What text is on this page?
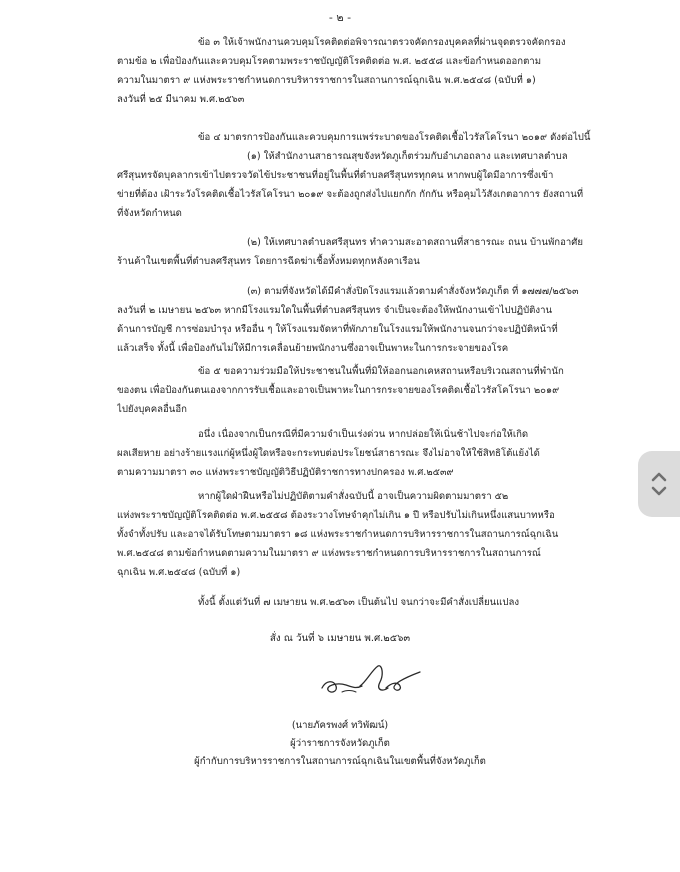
- ๒ -
ข้อ ๓ ให้เจ้าพนักงานควบคุมโรคติดต่อพิจารณาตรวจคัดกรองบุคคลที่ผ่านจุดตรวจคัดกรอง
ตามข้อ ๒ เพื่อป้องกันและควบคุมโรคตามพระราชบัญญัติโรคติดต่อ พ.ศ. ๒๕๕๘ และข้อกำหนดออกตาม
ความในมาตรา ๙ แห่งพระราชกำหนดการบริหารราชการในสถานการณ์ฉุกเฉิน พ.ศ.๒๕๔๘ (ฉบับที่ ๑)
ลงวันที่ ๒๕ มีนาคม พ.ศ.๒๕๖๓
ข้อ ๔ มาตรการป้องกันและควบคุมการแพร่ระบาดของโรคติดเชื้อไวรัสโคโรนา ๒๐๑๙ ดังต่อไปนี้
(๑) ให้สำนักงานสาธารณสุขจังหวัดภูเก็ตร่วมกับอำเภอถลาง และเทศบาลตำบล
ศรีสุนทรจัดบุคลากรเข้าไปตรวจวัดไข้ประชาชนที่อยู่ในพื้นที่ตำบลศรีสุนทรทุกคน หากพบผู้ใดมีอาการซึ่งเข้า
ข่ายที่ต้อง เฝ้าระวังโรคติดเชื้อไวรัสโคโรนา ๒๐๑๙ จะต้องถูกส่งไปแยกกัก กักกัน หรือคุมไว้สังเกตอาการ ยังสถานที่
ที่จังหวัดกำหนด
(๒) ให้เทศบาลตำบลศรีสุนทร ทำความสะอาดสถานที่สาธารณะ ถนน บ้านพักอาศัย
ร้านค้าในเขตพื้นที่ตำบลศรีสุนทร โดยการฉีดฆ่าเชื้อทั้งหมดทุกหลังคาเรือน
(๓) ตามที่จังหวัดได้มีคำสั่งปิดโรงแรมแล้วตามคำสั่งจังหวัดภูเก็ต ที่ ๑๗๗๗/๒๕๖๓
ลงวันที่ ๒ เมษายน ๒๕๖๓ หากมีโรงแรมใดในพื้นที่ตำบลศรีสุนทร จำเป็นจะต้องให้พนักงานเข้าไปปฏิบัติงาน
ด้านการบัญชี การซ่อมบำรุง หรืออื่น ๆ ให้โรงแรมจัดหาที่พักภายในโรงแรมให้พนักงานจนกว่าจะปฏิบัติหน้าที่
แล้วเสร็จ ทั้งนี้ เพื่อป้องกันไม่ให้มีการเคลื่อนย้ายพนักงานซึ่งอาจเป็นพาหะในการกระจายของโรค
ข้อ ๕ ขอความร่วมมือให้ประชาชนในพื้นที่มิให้ออกนอกเคหสถานหรือบริเวณสถานที่พำนัก
ของตน เพื่อป้องกันตนเองจากการรับเชื้อและอาจเป็นพาหะในการกระจายของโรคติดเชื้อไวรัสโคโรนา ๒๐๑๙
ไปยังบุคคลอื่นอีก
อนึ่ง เนื่องจากเป็นกรณีที่มีความจำเป็นเร่งด่วน หากปล่อยให้เนิ่นช้าไปจะก่อให้เกิด
ผลเสียหาย อย่างร้ายแรงแก่ผู้หนึ่งผู้ใดหรือจะกระทบต่อประโยชน์สาธารณะ จึงไม่อาจให้ใช้สิทธิโต้แย้งได้
ตามความมาตรา ๓๐ แห่งพระราชบัญญัติวิธีปฏิบัติราชการทางปกครอง พ.ศ.๒๕๓๙
หากผู้ใดฝ่าฝืนหรือไม่ปฏิบัติตามคำสั่งฉบับนี้ อาจเป็นความผิดตามมาตรา ๕๒
แห่งพระราชบัญญัติโรคติดต่อ พ.ศ.๒๕๕๘ ต้องระวางโทษจำคุกไม่เกิน ๑ ปี หรือปรับไม่เกินหนึ่งแสนบาทหรือ
ทั้งจำทั้งปรับ และอาจได้รับโทษตามมาตรา ๑๘ แห่งพระราชกำหนดการบริหารราชการในสถานการณ์ฉุกเฉิน
พ.ศ.๒๕๔๘ ตามข้อกำหนดตามความในมาตรา ๙ แห่งพระราชกำหนดการบริหารราชการในสถานการณ์
ฉุกเฉิน พ.ศ.๒๕๔๘ (ฉบับที่ ๑)
ทั้งนี้ ตั้งแต่วันที่ ๗ เมษายน พ.ศ.๒๕๖๓ เป็นต้นไป จนกว่าจะมีคำสั่งเปลี่ยนแปลง
สั่ง ณ วันที่ ๖ เมษายน พ.ศ.๒๕๖๓
(นายภัครพงศ์ ทวิพัฒน์)
ผู้ว่าราชการจังหวัดภูเก็ต
ผู้กำกับการบริหารราชการในสถานการณ์ฉุกเฉินในเขตพื้นที่จังหวัดภูเก็ต
